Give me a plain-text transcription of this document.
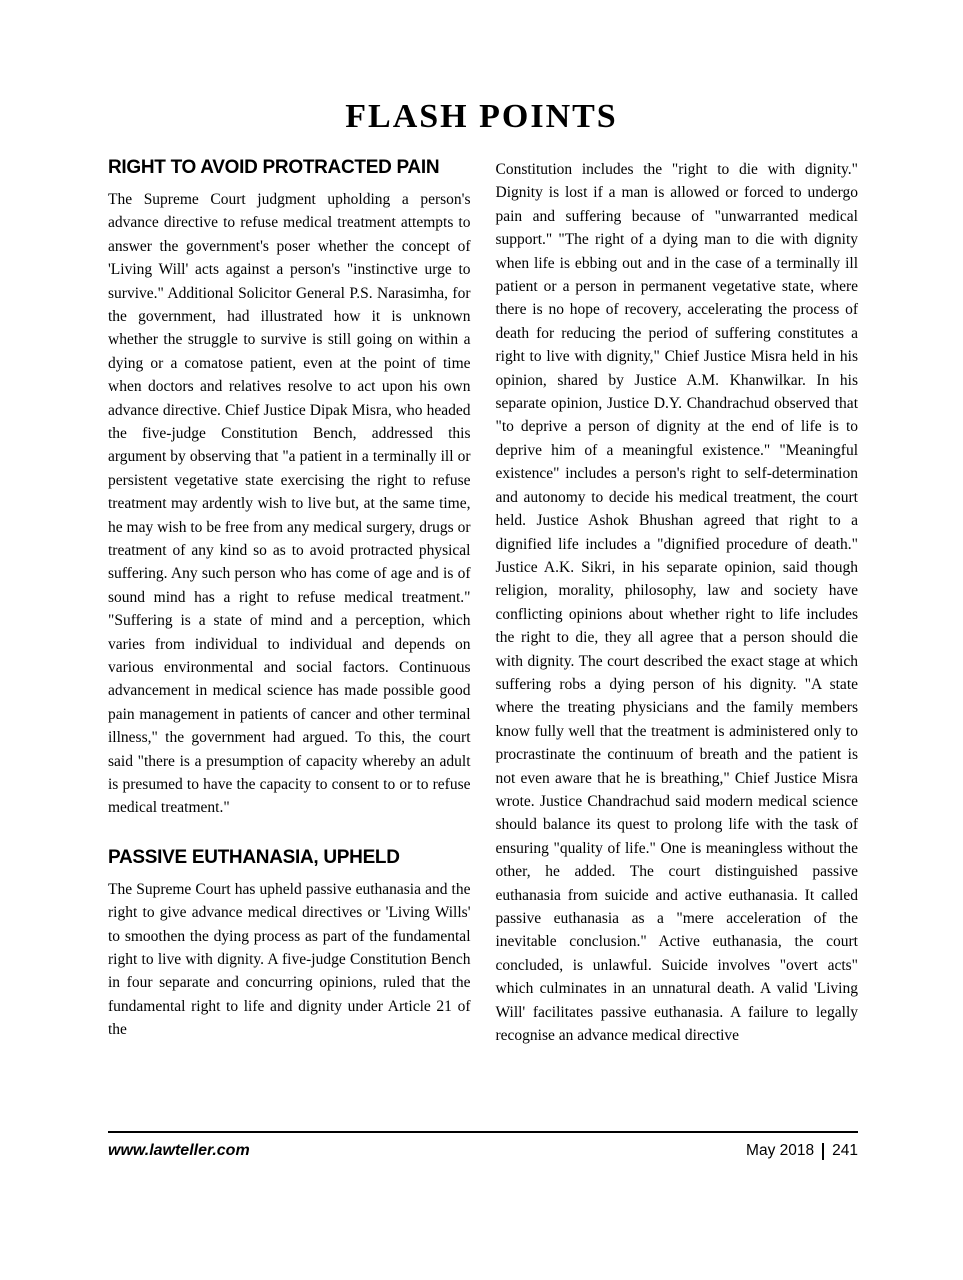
FLASH POINTS
RIGHT TO AVOID PROTRACTED PAIN

The Supreme Court judgment upholding a person's advance directive to refuse medical treatment attempts to answer the government's poser whether the concept of 'Living Will' acts against a person's "instinctive urge to survive." Additional Solicitor General P.S. Narasimha, for the government, had illustrated how it is unknown whether the struggle to survive is still going on within a dying or a comatose patient, even at the point of time when doctors and relatives resolve to act upon his own advance directive. Chief Justice Dipak Misra, who headed the five-judge Constitution Bench, addressed this argument by observing that "a patient in a terminally ill or persistent vegetative state exercising the right to refuse treatment may ardently wish to live but, at the same time, he may wish to be free from any medical surgery, drugs or treatment of any kind so as to avoid protracted physical suffering. Any such person who has come of age and is of sound mind has a right to refuse medical treatment." "Suffering is a state of mind and a perception, which varies from individual to individual and depends on various environmental and social factors. Continuous advancement in medical science has made possible good pain management in patients of cancer and other terminal illness," the government had argued. To this, the court said "there is a presumption of capacity whereby an adult is presumed to have the capacity to consent to or to refuse medical treatment."

PASSIVE EUTHANASIA, UPHELD

The Supreme Court has upheld passive euthanasia and the right to give advance medical directives or 'Living Wills' to smoothen the dying process as part of the fundamental right to live with dignity. A five-judge Constitution Bench in four separate and concurring opinions, ruled that the fundamental right to life and dignity under Article 21 of the

Constitution includes the "right to die with dignity." Dignity is lost if a man is allowed or forced to undergo pain and suffering because of "unwarranted medical support." "The right of a dying man to die with dignity when life is ebbing out and in the case of a terminally ill patient or a person in permanent vegetative state, where there is no hope of recovery, accelerating the process of death for reducing the period of suffering constitutes a right to live with dignity," Chief Justice Misra held in his opinion, shared by Justice A.M. Khanwilkar. In his separate opinion, Justice D.Y. Chandrachud observed that "to deprive a person of dignity at the end of life is to deprive him of a meaningful existence." "Meaningful existence" includes a person's right to self-determination and autonomy to decide his medical treatment, the court held. Justice Ashok Bhushan agreed that right to a dignified life includes a "dignified procedure of death." Justice A.K. Sikri, in his separate opinion, said though religion, morality, philosophy, law and society have conflicting opinions about whether right to life includes the right to die, they all agree that a person should die with dignity. The court described the exact stage at which suffering robs a dying person of his dignity. "A state where the treating physicians and the family members know fully well that the treatment is administered only to procrastinate the continuum of breath and the patient is not even aware that he is breathing," Chief Justice Misra wrote. Justice Chandrachud said modern medical science should balance its quest to prolong life with the task of ensuring "quality of life." One is meaningless without the other, he added. The court distinguished passive euthanasia from suicide and active euthanasia. It called passive euthanasia as a "mere acceleration of the inevitable conclusion." Active euthanasia, the court concluded, is unlawful. Suicide involves "overt acts" which culminates in an unnatural death. A valid 'Living Will' facilitates passive euthanasia. A failure to legally recognise an advance medical directive

www.lawteller.com	May 2018 241
